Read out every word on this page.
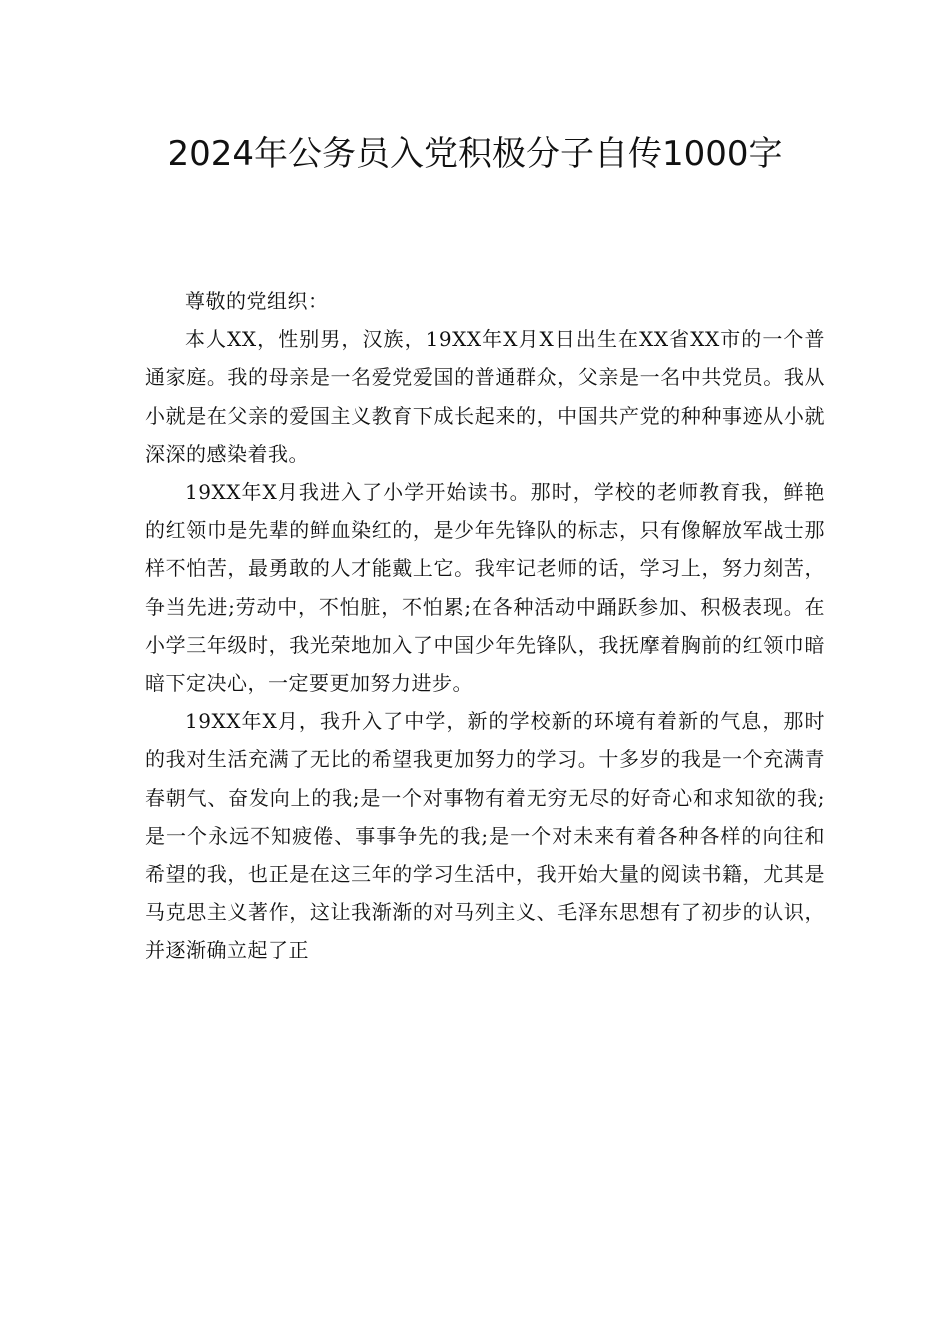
2024年公务员入党积极分子自传1000字

尊敬的党组织：

本人XX，性别男，汉族，19XX年X月X日出生在XX省XX市的一个普通家庭。我的母亲是一名爱党爱国的普通群众，父亲是一名中共党员。我从小就是在父亲的爱国主义教育下成长起来的，中国共产党的种种事迹从小就深深的感染着我。

19XX年X月我进入了小学开始读书。那时，学校的老师教育我，鲜艳的红领巾是先辈的鲜血染红的，是少年先锋队的标志，只有像解放军战士那样不怕苦，最勇敢的人才能戴上它。我牢记老师的话，学习上，努力刻苦，争当先进;劳动中，不怕脏，不怕累;在各种活动中踊跃参加、积极表现。在小学三年级时，我光荣地加入了中国少年先锋队，我抚摩着胸前的红领巾暗暗下定决心，一定要更加努力进步。

19XX年X月，我升入了中学，新的学校新的环境有着新的气息，那时的我对生活充满了无比的希望我更加努力的学习。十多岁的我是一个充满青春朝气、奋发向上的我;是一个对事物有着无穷无尽的好奇心和求知欲的我;是一个永远不知疲倦、事事争先的我;是一个对未来有着各种各样的向往和希望的我，也正是在这三年的学习生活中，我开始大量的阅读书籍，尤其是马克思主义著作，这让我渐渐的对马列主义、毛泽东思想有了初步的认识，并逐渐确立起了正
